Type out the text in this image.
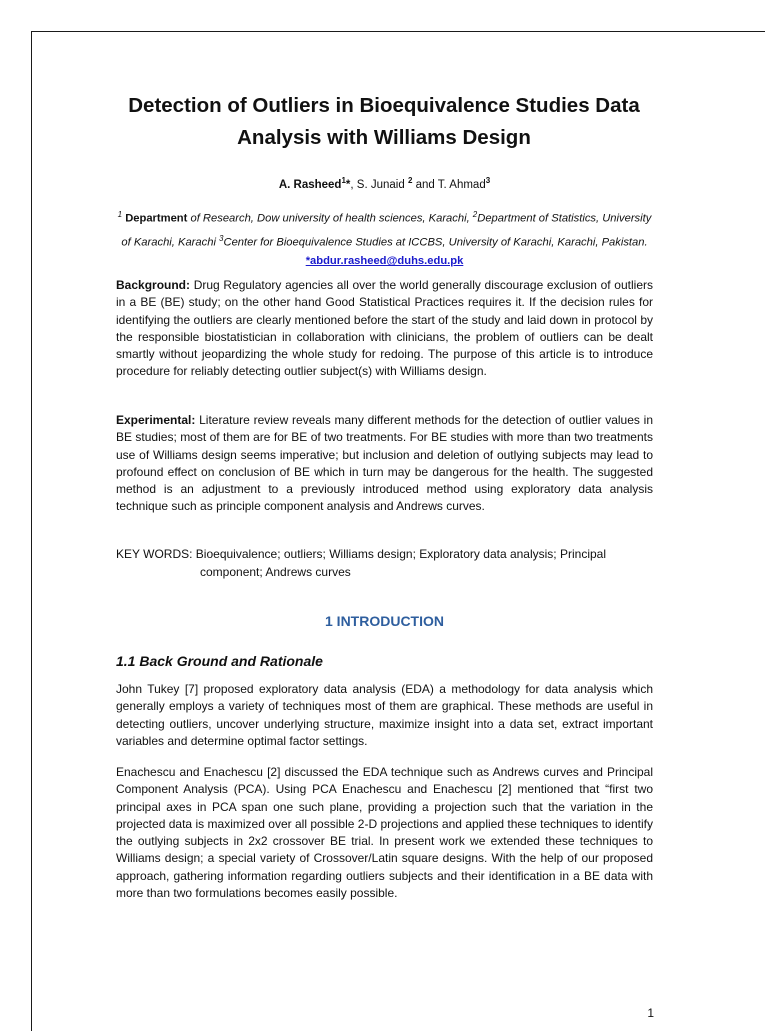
Detection of Outliers in Bioequivalence Studies Data
Analysis with Williams Design
A. Rasheed$^1$*, S. Junaid $^2$ and T. Ahmad$^3$
$^1$ Department of Research, Dow university of health sciences, Karachi, $^2$Department of Statistics, University of Karachi, Karachi $^3$Center for Bioequivalence Studies at ICCBS, University of Karachi, Karachi, Pakistan. *abdur.rasheed@duhs.edu.pk

Background: Drug Regulatory agencies all over the world generally discourage exclusion of outliers in a BE (BE) study; on the other hand Good Statistical Practices requires it. If the decision rules for identifying the outliers are clearly mentioned before the start of the study and laid down in protocol by the responsible biostatistician in collaboration with clinicians, the problem of outliers can be dealt smartly without jeopardizing the whole study for redoing. The purpose of this article is to introduce procedure for reliably detecting outlier subject(s) with Williams design.

Experimental: Literature review reveals many different methods for the detection of outlier values in BE studies; most of them are for BE of two treatments. For BE studies with more than two treatments use of Williams design seems imperative; but inclusion and deletion of outlying subjects may lead to profound effect on conclusion of BE which in turn may be dangerous for the health. The suggested method is an adjustment to a previously introduced method using exploratory data analysis technique such as principle component analysis and Andrews curves.

KEY WORDS: Bioequivalence; outliers; Williams design; Exploratory data analysis; Principal
component; Andrews curves
1 INTRODUCTION
1.1 Back Ground and Rationale

John Tukey [7] proposed exploratory data analysis (EDA) a methodology for data analysis which generally employs a variety of techniques most of them are graphical. These methods are useful in detecting outliers, uncover underlying structure, maximize insight into a data set, extract important variables and determine optimal factor settings.

Enachescu and Enachescu [2] discussed the EDA technique such as Andrews curves and Principal Component Analysis (PCA). Using PCA Enachescu and Enachescu [2] mentioned that “first two principal axes in PCA span one such plane, providing a projection such that the variation in the projected data is maximized over all possible 2-D projections and applied these techniques to identify the outlying subjects in 2x2 crossover BE trial. In present work we extended these techniques to Williams design; a special variety of Crossover/Latin square designs. With the help of our proposed approach, gathering information regarding outliers subjects and their identification in a BE data with more than two formulations becomes easily possible.

1
